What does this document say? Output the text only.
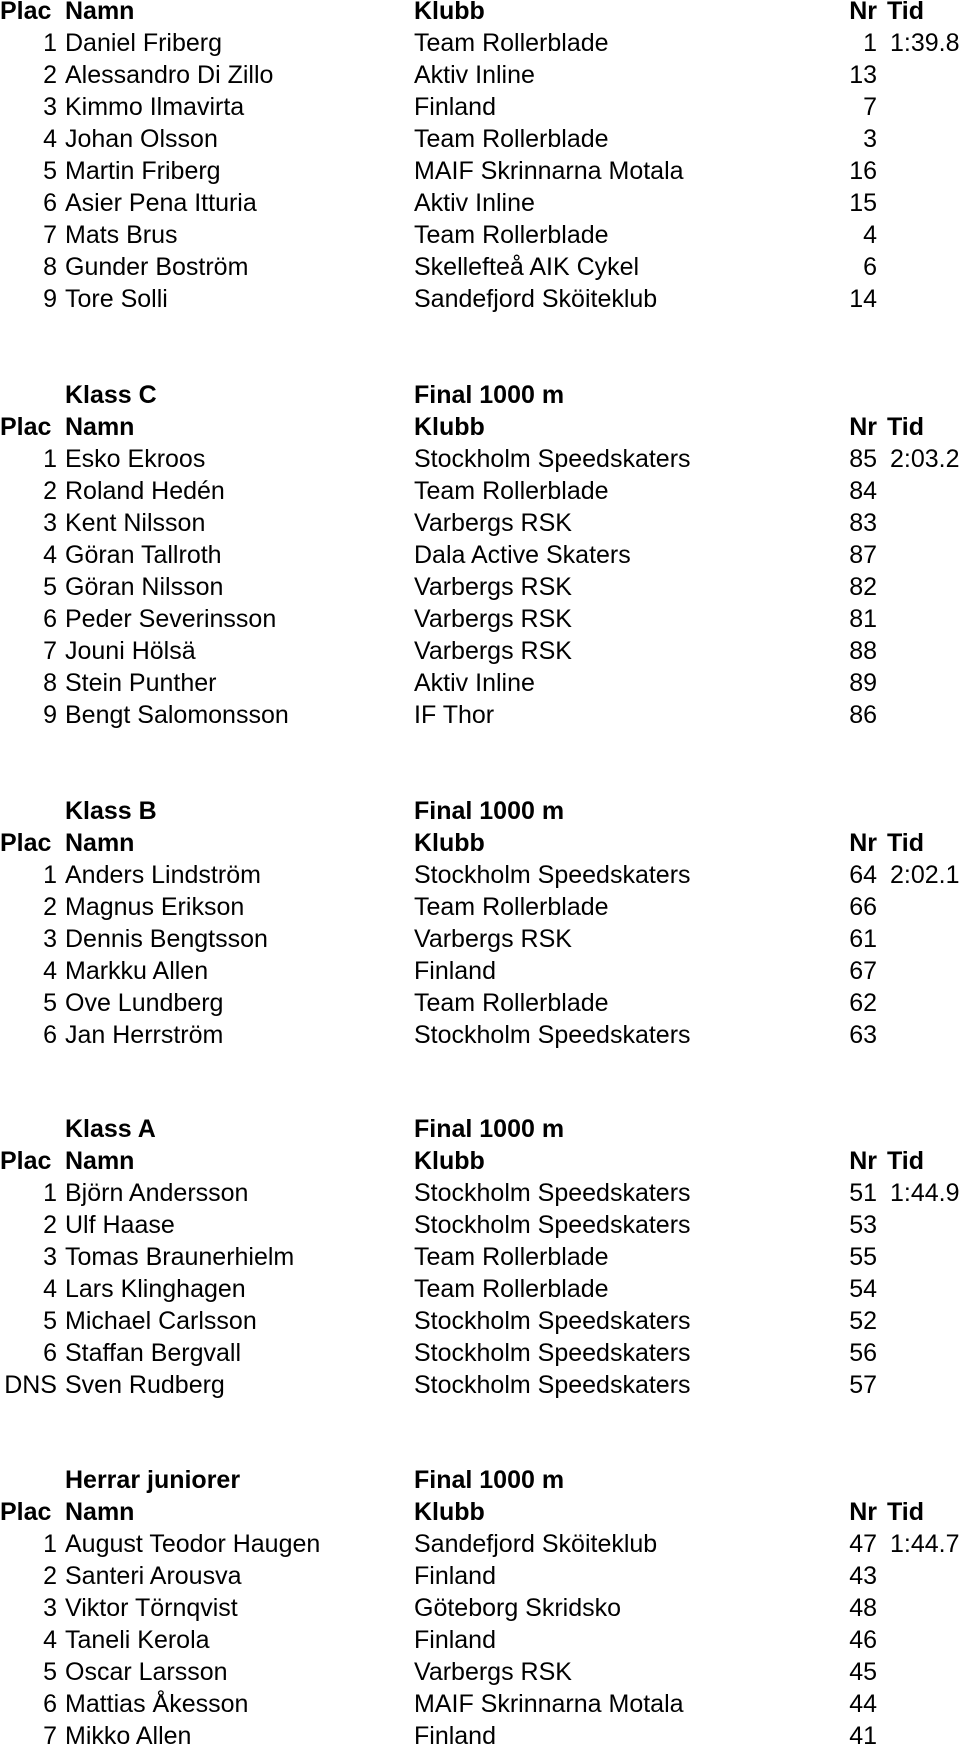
Plac Namn	Klubb	Nr Tid
1 Daniel Friberg	Team Rollerblade	1 1:39.8
2 Alessandro Di Zillo	Aktiv Inline	13
3 Kimmo Ilmavirta	Finland	7
4 Johan Olsson	Team Rollerblade	3
5 Martin Friberg	MAIF Skrinnarna Motala	16
6 Asier Pena Itturia	Aktiv Inline	15
7 Mats Brus	Team Rollerblade	4
8 Gunder Boström	Skellefteå AIK Cykel	6
9 Tore Solli	Sandefjord Sköiteklub	14
Klass C	Final 1000 m
Plac Namn	Klubb	Nr Tid
1 Esko Ekroos	Stockholm Speedskaters	85 2:03.2
2 Roland Hedén	Team Rollerblade	84
3 Kent Nilsson	Varbergs RSK	83
4 Göran Tallroth	Dala Active Skaters	87
5 Göran Nilsson	Varbergs RSK	82
6 Peder Severinsson	Varbergs RSK	81
7 Jouni Hölsä	Varbergs RSK	88
8 Stein Punther	Aktiv Inline	89
9 Bengt Salomonsson	IF Thor	86
Klass B	Final 1000 m
Plac Namn	Klubb	Nr Tid
1 Anders Lindström	Stockholm Speedskaters	64 2:02.1
2 Magnus Erikson	Team Rollerblade	66
3 Dennis Bengtsson	Varbergs RSK	61
4 Markku Allen	Finland	67
5 Ove Lundberg	Team Rollerblade	62
6 Jan Herrström	Stockholm Speedskaters	63
Klass A	Final 1000 m
Plac Namn	Klubb	Nr Tid
1 Björn Andersson	Stockholm Speedskaters	51 1:44.9
2 Ulf Haase	Stockholm Speedskaters	53
3 Tomas Braunerhielm	Team Rollerblade	55
4 Lars Klinghagen	Team Rollerblade	54
5 Michael Carlsson	Stockholm Speedskaters	52
6 Staffan Bergvall	Stockholm Speedskaters	56
DNS Sven Rudberg	Stockholm Speedskaters	57
Herrar juniorer	Final 1000 m
Plac Namn	Klubb	Nr Tid
1 August Teodor Haugen	Sandefjord Sköiteklub	47 1:44.7
2 Santeri Arousva	Finland	43
3 Viktor Törnqvist	Göteborg Skridsko	48
4 Taneli Kerola	Finland	46
5 Oscar Larsson	Varbergs RSK	45
6 Mattias Åkesson	MAIF Skrinnarna Motala	44
7 Mikko Allen	Finland	41
